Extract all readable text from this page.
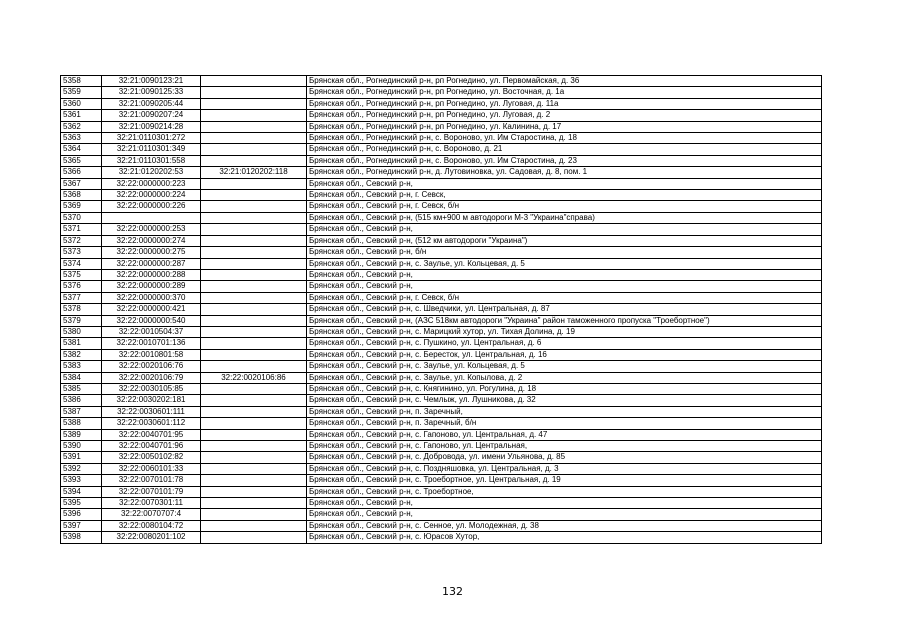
5358	32:21:0090123:21		Брянская обл., Рогнединский р-н, рп Рогнедино, ул. Первомайская, д. 36
5359	32:21:0090125:33		Брянская обл., Рогнединский р-н, рп Рогнедино, ул. Восточная, д. 1а
5360	32:21:0090205:44		Брянская обл., Рогнединский р-н, рп Рогнедино, ул. Луговая, д. 11а
5361	32:21:0090207:24		Брянская обл., Рогнединский р-н, рп Рогнедино, ул. Луговая, д. 2
5362	32:21:0090214:28		Брянская обл., Рогнединский р-н, рп Рогнедино, ул. Калинина, д. 17
5363	32:21:0110301:272		Брянская обл., Рогнединский р-н, с. Вороново, ул. Им Старостина, д. 18
5364	32:21:0110301:349		Брянская обл., Рогнединский р-н, с. Вороново, д. 21
5365	32:21:0110301:558		Брянская обл., Рогнединский р-н, с. Вороново, ул. Им Старостина, д. 23
5366	32:21:0120202:53	32:21:0120202:118	Брянская обл., Рогнединский р-н, д. Лутовиновка, ул. Садовая, д. 8, пом. 1
5367	32:22:0000000:223		Брянская обл., Севский р-н,
5368	32:22:0000000:224		Брянская обл., Севский р-н, г. Севск,
5369	32:22:0000000:226		Брянская обл., Севский р-н, г. Севск, б/н
5370			Брянская обл., Севский р-н, (515 км+900 м автодороги М-3 "Украина"справа)
5371	32:22:0000000:253		Брянская обл., Севский р-н,
5372	32:22:0000000:274		Брянская обл., Севский р-н, (512 км автодороги "Украина")
5373	32:22:0000000:275		Брянская обл., Севский р-н, б/н
5374	32:22:0000000:287		Брянская обл., Севский р-н, с. Заулье, ул. Кольцевая, д. 5
5375	32:22:0000000:288		Брянская обл., Севский р-н,
5376	32:22:0000000:289		Брянская обл., Севский р-н,
5377	32:22:0000000:370		Брянская обл., Севский р-н, г. Севск, б/н
5378	32:22:0000000:421		Брянская обл., Севский р-н, с. Шведчики, ул. Центральная, д. 87
5379	32:22:0000000:540		Брянская обл., Севский р-н, (АЗС 518км автодороги "Украина" район таможенного пропуска "Троебортное")
5380	32:22:0010504:37		Брянская обл., Севский р-н, с. Марицкий хутор, ул. Тихая Долина, д. 19
5381	32:22:0010701:136		Брянская обл., Севский р-н, с. Пушкино, ул. Центральная, д. 6
5382	32:22:0010801:58		Брянская обл., Севский р-н, с. Бересток, ул. Центральная, д. 16
5383	32:22:0020106:76		Брянская обл., Севский р-н, с. Заулье, ул. Кольцевая, д. 5
5384	32:22:0020106:79	32:22:0020106:86	Брянская обл., Севский р-н, с. Заулье, ул. Копылова, д. 2
5385	32:22:0030105:85		Брянская обл., Севский р-н, с. Княгинино, ул. Рогулина, д. 18
5386	32:22:0030202:181		Брянская обл., Севский р-н, с. Чемлыж, ул. Лушникова, д. 32
5387	32:22:0030601:111		Брянская обл., Севский р-н, п. Заречный,
5388	32:22:0030601:112		Брянская обл., Севский р-н, п. Заречный, б/н
5389	32:22:0040701:95		Брянская обл., Севский р-н, с. Гапоново, ул. Центральная, д. 47
5390	32:22:0040701:96		Брянская обл., Севский р-н, с. Гапоново, ул. Центральная,
5391	32:22:0050102:82		Брянская обл., Севский р-н, с. Добровода, ул. имени Ульянова, д. 85
5392	32:22:0060101:33		Брянская обл., Севский р-н, с. Поздняшовка, ул. Центральная, д. 3
5393	32:22:0070101:78		Брянская обл., Севский р-н, с. Троебортное, ул. Центральная, д. 19
5394	32:22:0070101:79		Брянская обл., Севский р-н, с. Троебортное,
5395	32:22:0070301:11		Брянская обл., Севский р-н,
5396	32:22:0070707:4		Брянская обл., Севский р-н,
5397	32:22:0080104:72		Брянская обл., Севский р-н, с. Сенное, ул. Молодежная, д. 38
5398	32:22:0080201:102		Брянская обл., Севский р-н, с. Юрасов Хутор,
132
